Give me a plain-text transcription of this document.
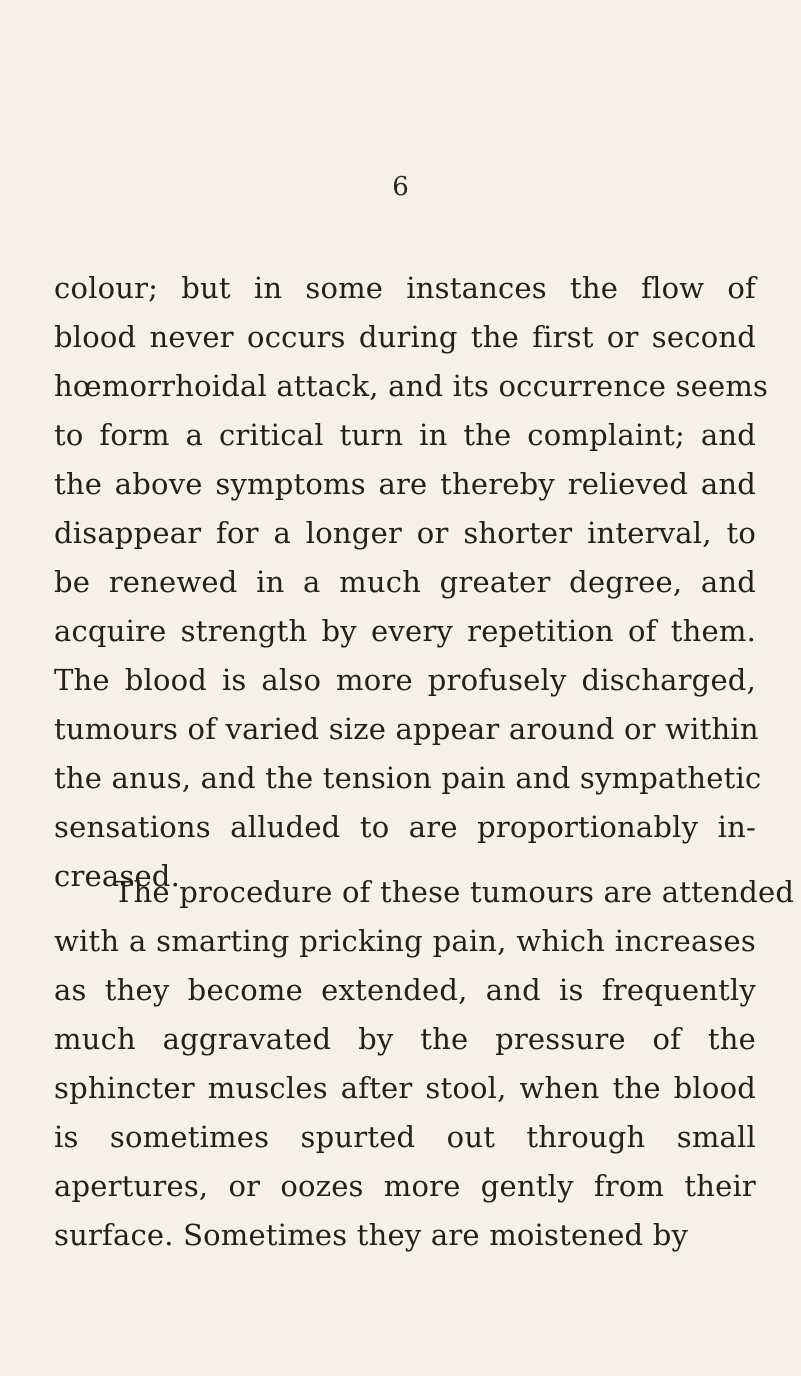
6
colour; but in some instances the flow of
blood never occurs during the first or second
hœmorrhoidal attack, and its occurrence seems
to form a critical turn in the complaint; and
the above symptoms are thereby relieved and
disappear for a longer or shorter interval, to
be renewed in a much greater degree, and
acquire strength by every repetition of them.
The blood is also more profusely discharged,
tumours of varied size appear around or within
the anus, and the tension pain and sympathetic
sensations alluded to are proportionably in-
creased.
The procedure of these tumours are attended
with a smarting pricking pain, which increases
as they become extended, and is frequently
much aggravated by the pressure of the
sphincter muscles after stool, when the blood
is sometimes spurted out through small
apertures, or oozes more gently from their
surface. Sometimes they are moistened by
